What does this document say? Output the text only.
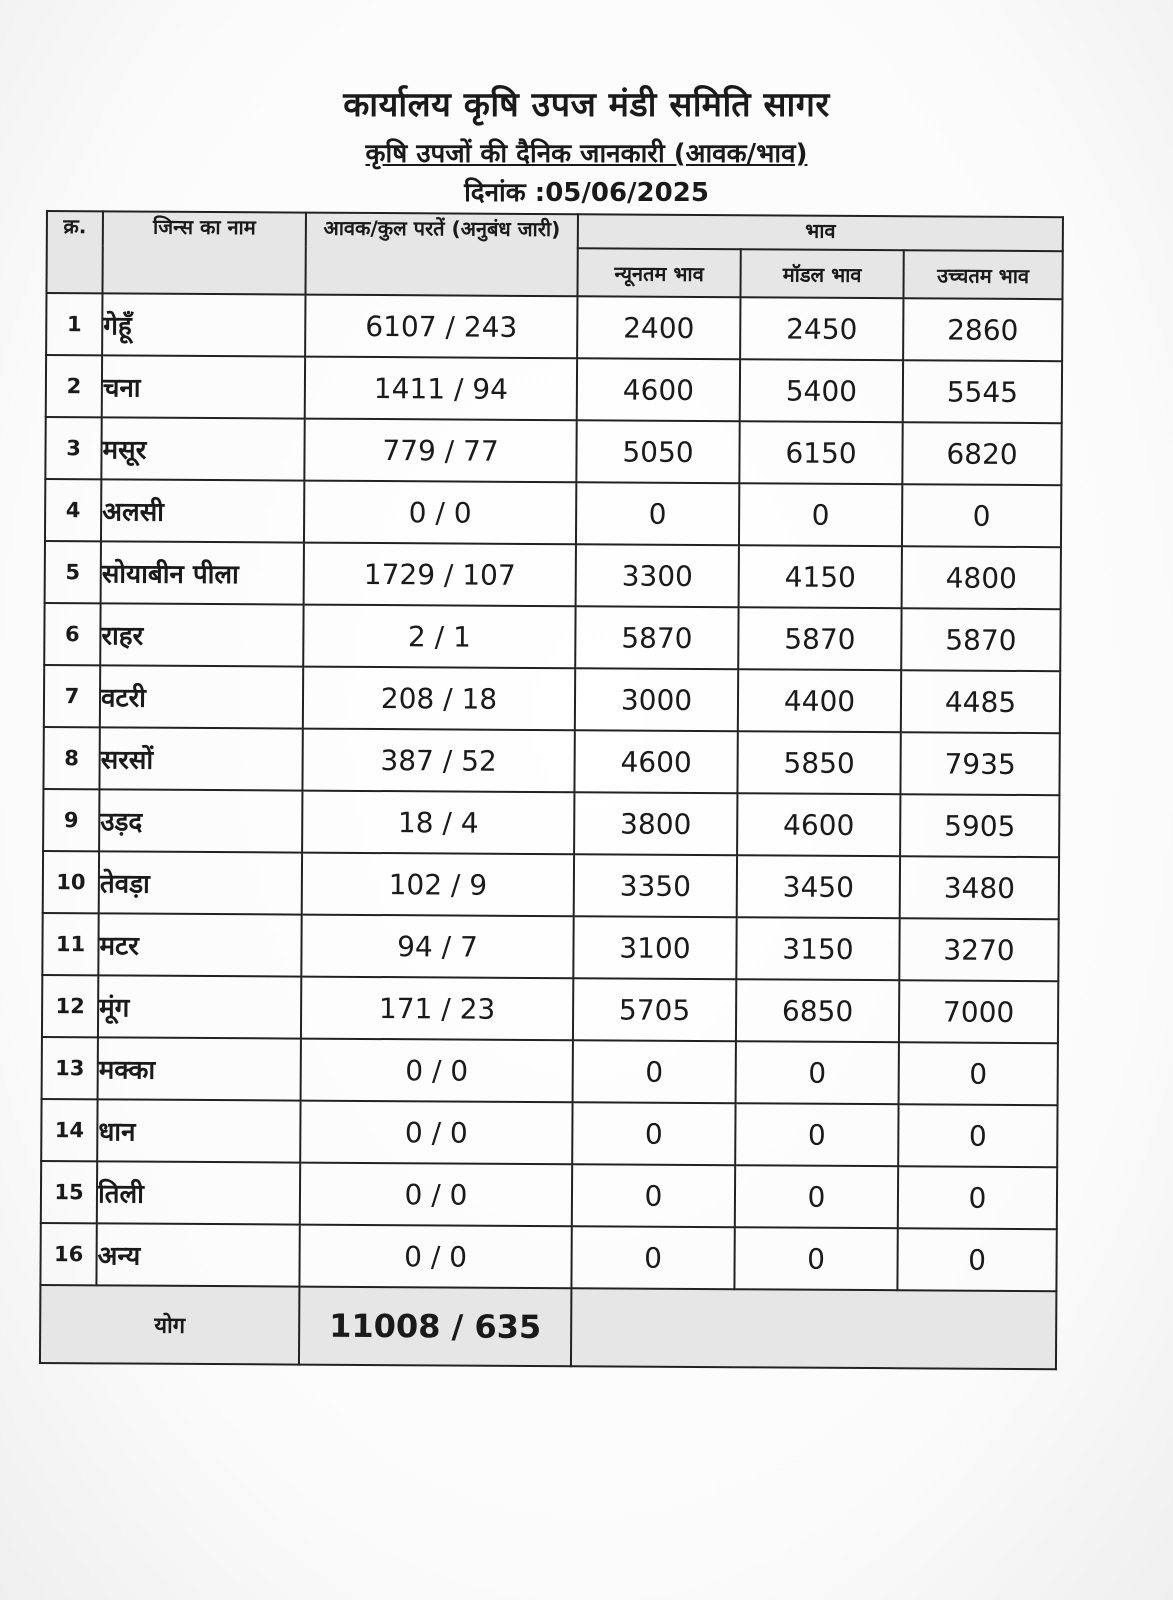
कार्यालय कृषि उपज मंडी समिति सागर
कृषि उपजों की दैनिक जानकारी (आवक/भाव)
दिनांक :05/06/2025
क्र.	जिन्स का नाम	आवक/कुल परतें (अनुबंध जारी)	भाव		
			न्यूनतम भाव	मॉडल भाव	उच्चतम भाव
1	गेहूँ	6107 / 243	2400	2450	2860
2	चना	1411 / 94	4600	5400	5545
3	मसूर	779 / 77	5050	6150	6820
4	अलसी	0 / 0	0	0	0
5	सोयाबीन पीला	1729 / 107	3300	4150	4800
6	राहर	2 / 1	5870	5870	5870
7	वटरी	208 / 18	3000	4400	4485
8	सरसों	387 / 52	4600	5850	7935
9	उड़द	18 / 4	3800	4600	5905
10	तेवड़ा	102 / 9	3350	3450	3480
11	मटर	94 / 7	3100	3150	3270
12	मूंग	171 / 23	5705	6850	7000
13	मक्का	0 / 0	0	0	0
14	धान	0 / 0	0	0	0
15	तिली	0 / 0	0	0	0
16	अन्य	0 / 0	0	0	0
योग		11008 / 635			
